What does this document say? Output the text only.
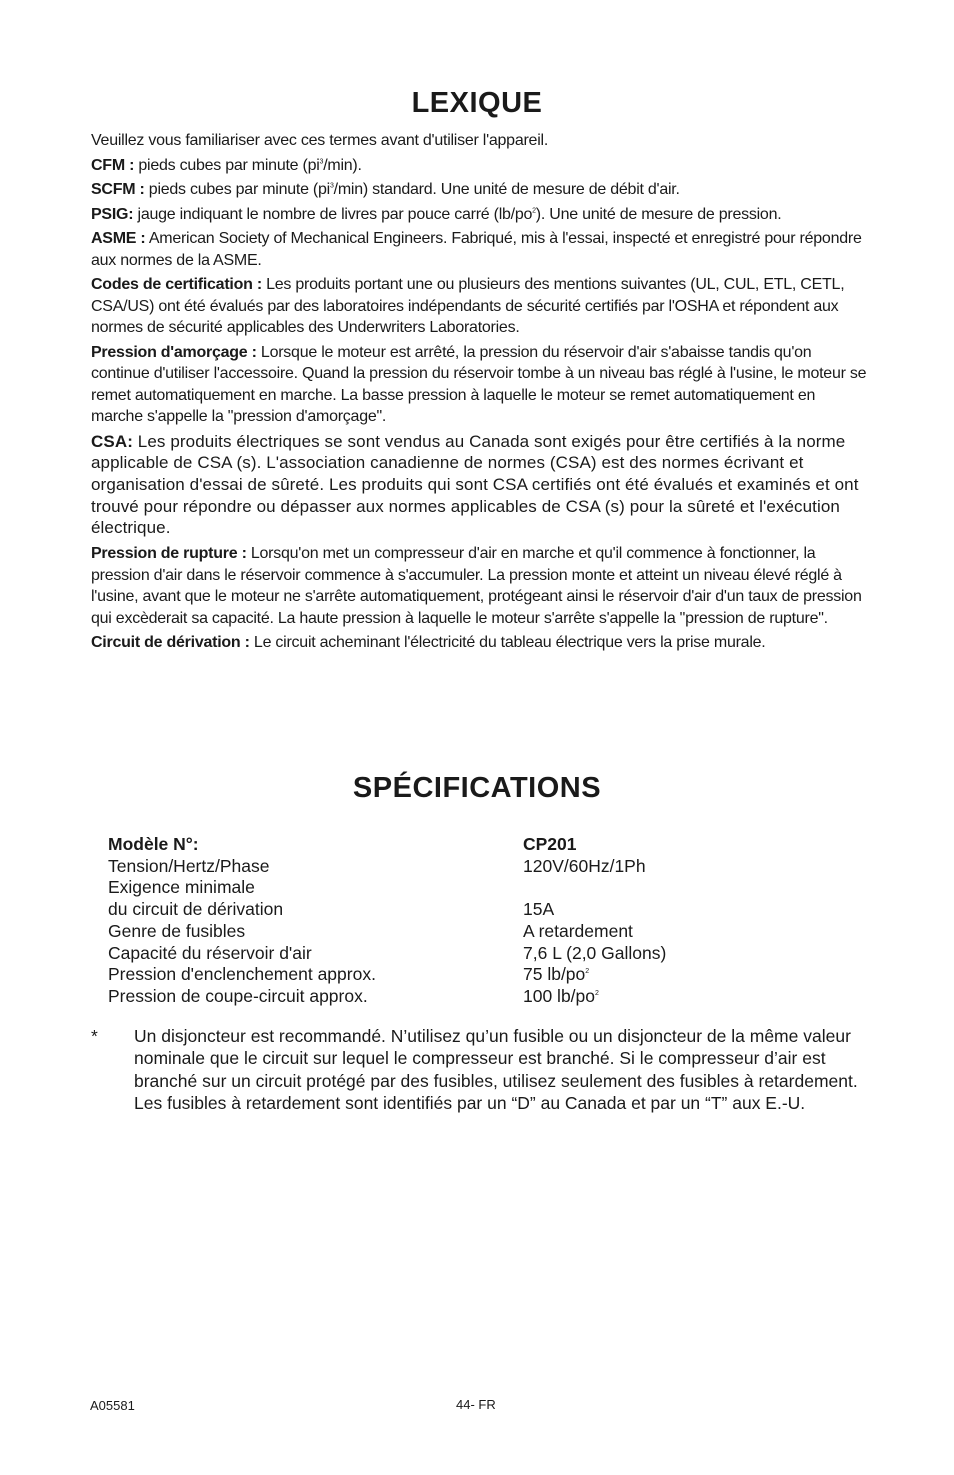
LEXIQUE

Veuillez vous familiariser avec ces termes avant d'utiliser l'appareil.

CFM : pieds cubes par minute $(pi^3/\min)$.

SCFM : pieds cubes par minute $(pi^3/\min)$ standard. Une unité de mesure de débit d'air.

PSIG: jauge indiquant le nombre de livres par pouce carré $(lb/po^2)$. Une unité de mesure de pression.

ASME : American Society of Mechanical Engineers. Fabriqué, mis à l'essai, inspecté et enregistré pour répondre aux normes de la ASME.

Codes de certification : Les produits portant une ou plusieurs des mentions suivantes (UL, CUL, ETL, CETL, CSA/US) ont été évalués par des laboratoires indépendants de sécurité certifiés par l'OSHA et répondent aux normes de sécurité applicables des Underwriters Laboratories.

Pression d'amorçage : Lorsque le moteur est arrêté, la pression du réservoir d'air s'abaisse tandis qu'on continue d'utiliser l'accessoire. Quand la pression du réservoir tombe à un niveau bas réglé à l'usine, le moteur se remet automatiquement en marche. La basse pression à laquelle le moteur se remet automatiquement en marche s'appelle la "pression d'amorçage".

CSA: Les produits électriques se sont vendus au Canada sont exigés pour être certifiés à la norme applicable de CSA (s). L'association canadienne de normes (CSA) est des normes écrivant et organisation d'essai de sûreté. Les produits qui sont CSA certifiés ont été évalués et examinés et ont trouvé pour répondre ou dépasser aux normes applicables de CSA (s) pour la sûreté et l'exécution électrique.

Pression de rupture : Lorsqu'on met un compresseur d'air en marche et qu'il commence à fonctionner, la pression d'air dans le réservoir commence à s'accumuler. La pression monte et atteint un niveau élevé réglé à l'usine, avant que le moteur ne s'arrête automatiquement, protégeant ainsi le réservoir d'air d'un taux de pression qui excèderait sa capacité. La haute pression à laquelle le moteur s'arrête s'appelle la "pression de rupture".

Circuit de dérivation : Le circuit acheminant l'électricité du tableau électrique vers la prise murale.

SPÉCIFICATIONS
Modèle N°:	CP201
Tension/Hertz/Phase	120V/60Hz/1Ph
Exigence minimale	
du circuit de dérivation	15A
Genre de fusibles	A retardement
Capacité du réservoir d'air	7,6 L (2,0 Gallons)
Pression d'enclenchement approx.	75 $lb/po^2$
Pression de coupe-circuit approx.	100 $lb/po^2$
* Un disjoncteur est recommandé. N’utilisez qu’un fusible ou un disjoncteur de la même valeur nominale que le circuit sur lequel le compresseur est branché. Si le compresseur d’air est branché sur un circuit protégé par des fusibles, utilisez seulement des fusibles à retardement. Les fusibles à retardement sont identifiés par un “D” au Canada et par un “T” aux E.-U.
A05581	44- FR
